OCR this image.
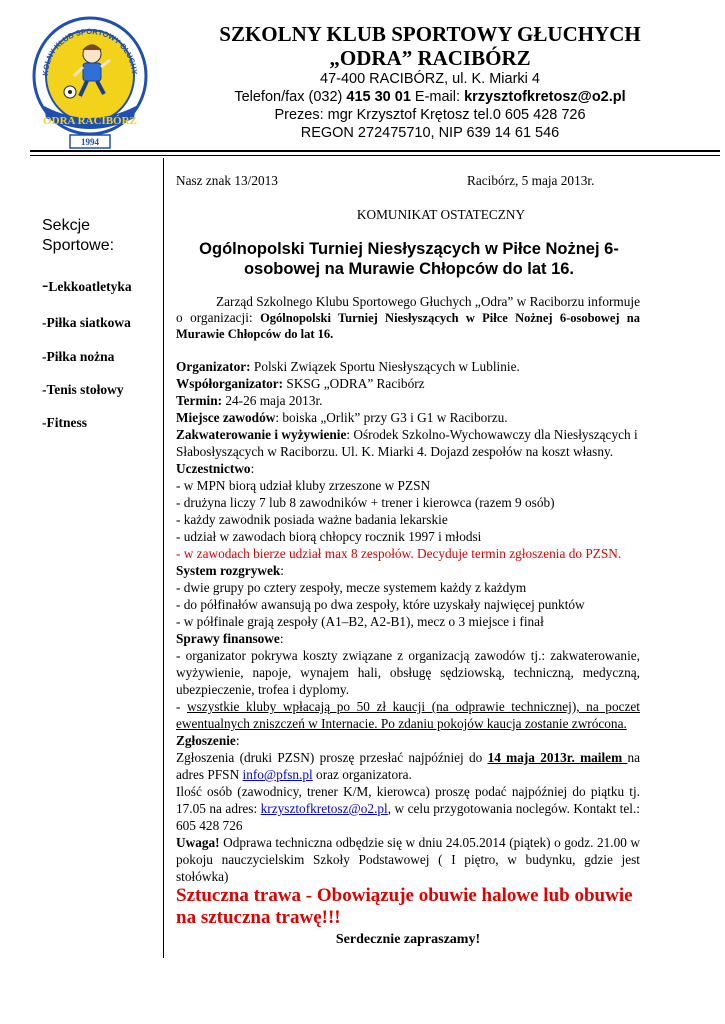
KOLNY KLUB SPORTOWY GŁUCHY
ODRA RACIBÓRZ
1994
SZKOLNY KLUB SPORTOWY GŁUCHYCH
„ODRA” RACIBÓRZ
47-400 RACIBÓRZ, ul. K. Miarki 4
Telefon/fax (032) 415 30 01 E-mail: krzysztofkretosz@o2.pl
Prezes: mgr Krzysztof Krętosz tel.0 605 428 726
REGON 272475710, NIP 639 14 61 546
Sekcje
Sportowe:
-Lekkoatletyka
-Piłka siatkowa
-Piłka nożna
-Tenis stołowy
-Fitness
Nasz znak 13/2013	Racibórz, 5 maja 2013r.
KOMUNIKAT OSTATECZNY
Ogólnopolski Turniej Niesłyszących w Piłce Nożnej 6-
osobowej na Murawie Chłopców do lat 16.
Zarząd Szkolnego Klubu Sportowego Głuchych „Odra” w Raciborzu informuje o organizacji: Ogólnopolski Turniej Niesłyszących w Piłce Nożnej 6-osobowej na Murawie Chłopców do lat 16.
Organizator: Polski Związek Sportu Niesłyszących w Lublinie.
Współorganizator: SKSG „ODRA” Racibórz
Termin: 24-26 maja 2013r.
Miejsce zawodów: boiska „Orlik” przy G3 i G1 w Raciborzu.
Zakwaterowanie i wyżywienie: Ośrodek Szkolno-Wychowawczy dla Niesłyszących i Słabosłyszących w Raciborzu. Ul. K. Miarki 4. Dojazd zespołów na koszt własny.
Uczestnictwo:
- w MPN biorą udział kluby zrzeszone w PZSN
- drużyna liczy 7 lub 8 zawodników + trener i kierowca (razem 9 osób)
- każdy zawodnik posiada ważne badania lekarskie
- udział w zawodach biorą chłopcy rocznik 1997 i młodsi
- w zawodach bierze udział max 8 zespołów. Decyduje termin zgłoszenia do PZSN.
System rozgrywek:
- dwie grupy po cztery zespoły, mecze systemem każdy z każdym
- do półfinałów awansują po dwa zespoły, które uzyskały najwięcej punktów
- w półfinale grają zespoły (A1–B2, A2-B1), mecz o 3 miejsce i finał
Sprawy finansowe:
- organizator pokrywa koszty związane z organizacją zawodów tj.: zakwaterowanie, wyżywienie, napoje, wynajem hali, obsługę sędziowską, techniczną, medyczną, ubezpieczenie, trofea i dyplomy.
- wszystkie kluby wpłacają po 50 zł kaucji (na odprawie technicznej), na poczet ewentualnych zniszczeń w Internacie. Po zdaniu pokojów kaucja zostanie zwrócona.
Zgłoszenie:
Zgłoszenia (druki PZSN) proszę przesłać najpóźniej do 14 maja 2013r. mailem na adres PFSN info@pfsn.pl oraz organizatora.
Ilość osób (zawodnicy, trener K/M, kierowca) proszę podać najpóźniej do piątku tj. 17.05 na adres: krzysztofkretosz@o2.pl, w celu przygotowania noclegów. Kontakt tel.: 605 428 726
Uwaga! Odprawa techniczna odbędzie się w dniu 24.05.2014 (piątek) o godz. 21.00 w pokoju nauczycielskim Szkoły Podstawowej ( I piętro, w budynku, gdzie jest stołówka)
Sztuczna trawa - Obowiązuje obuwie halowe lub obuwie na sztuczna trawę!!!
Serdecznie zapraszamy!
